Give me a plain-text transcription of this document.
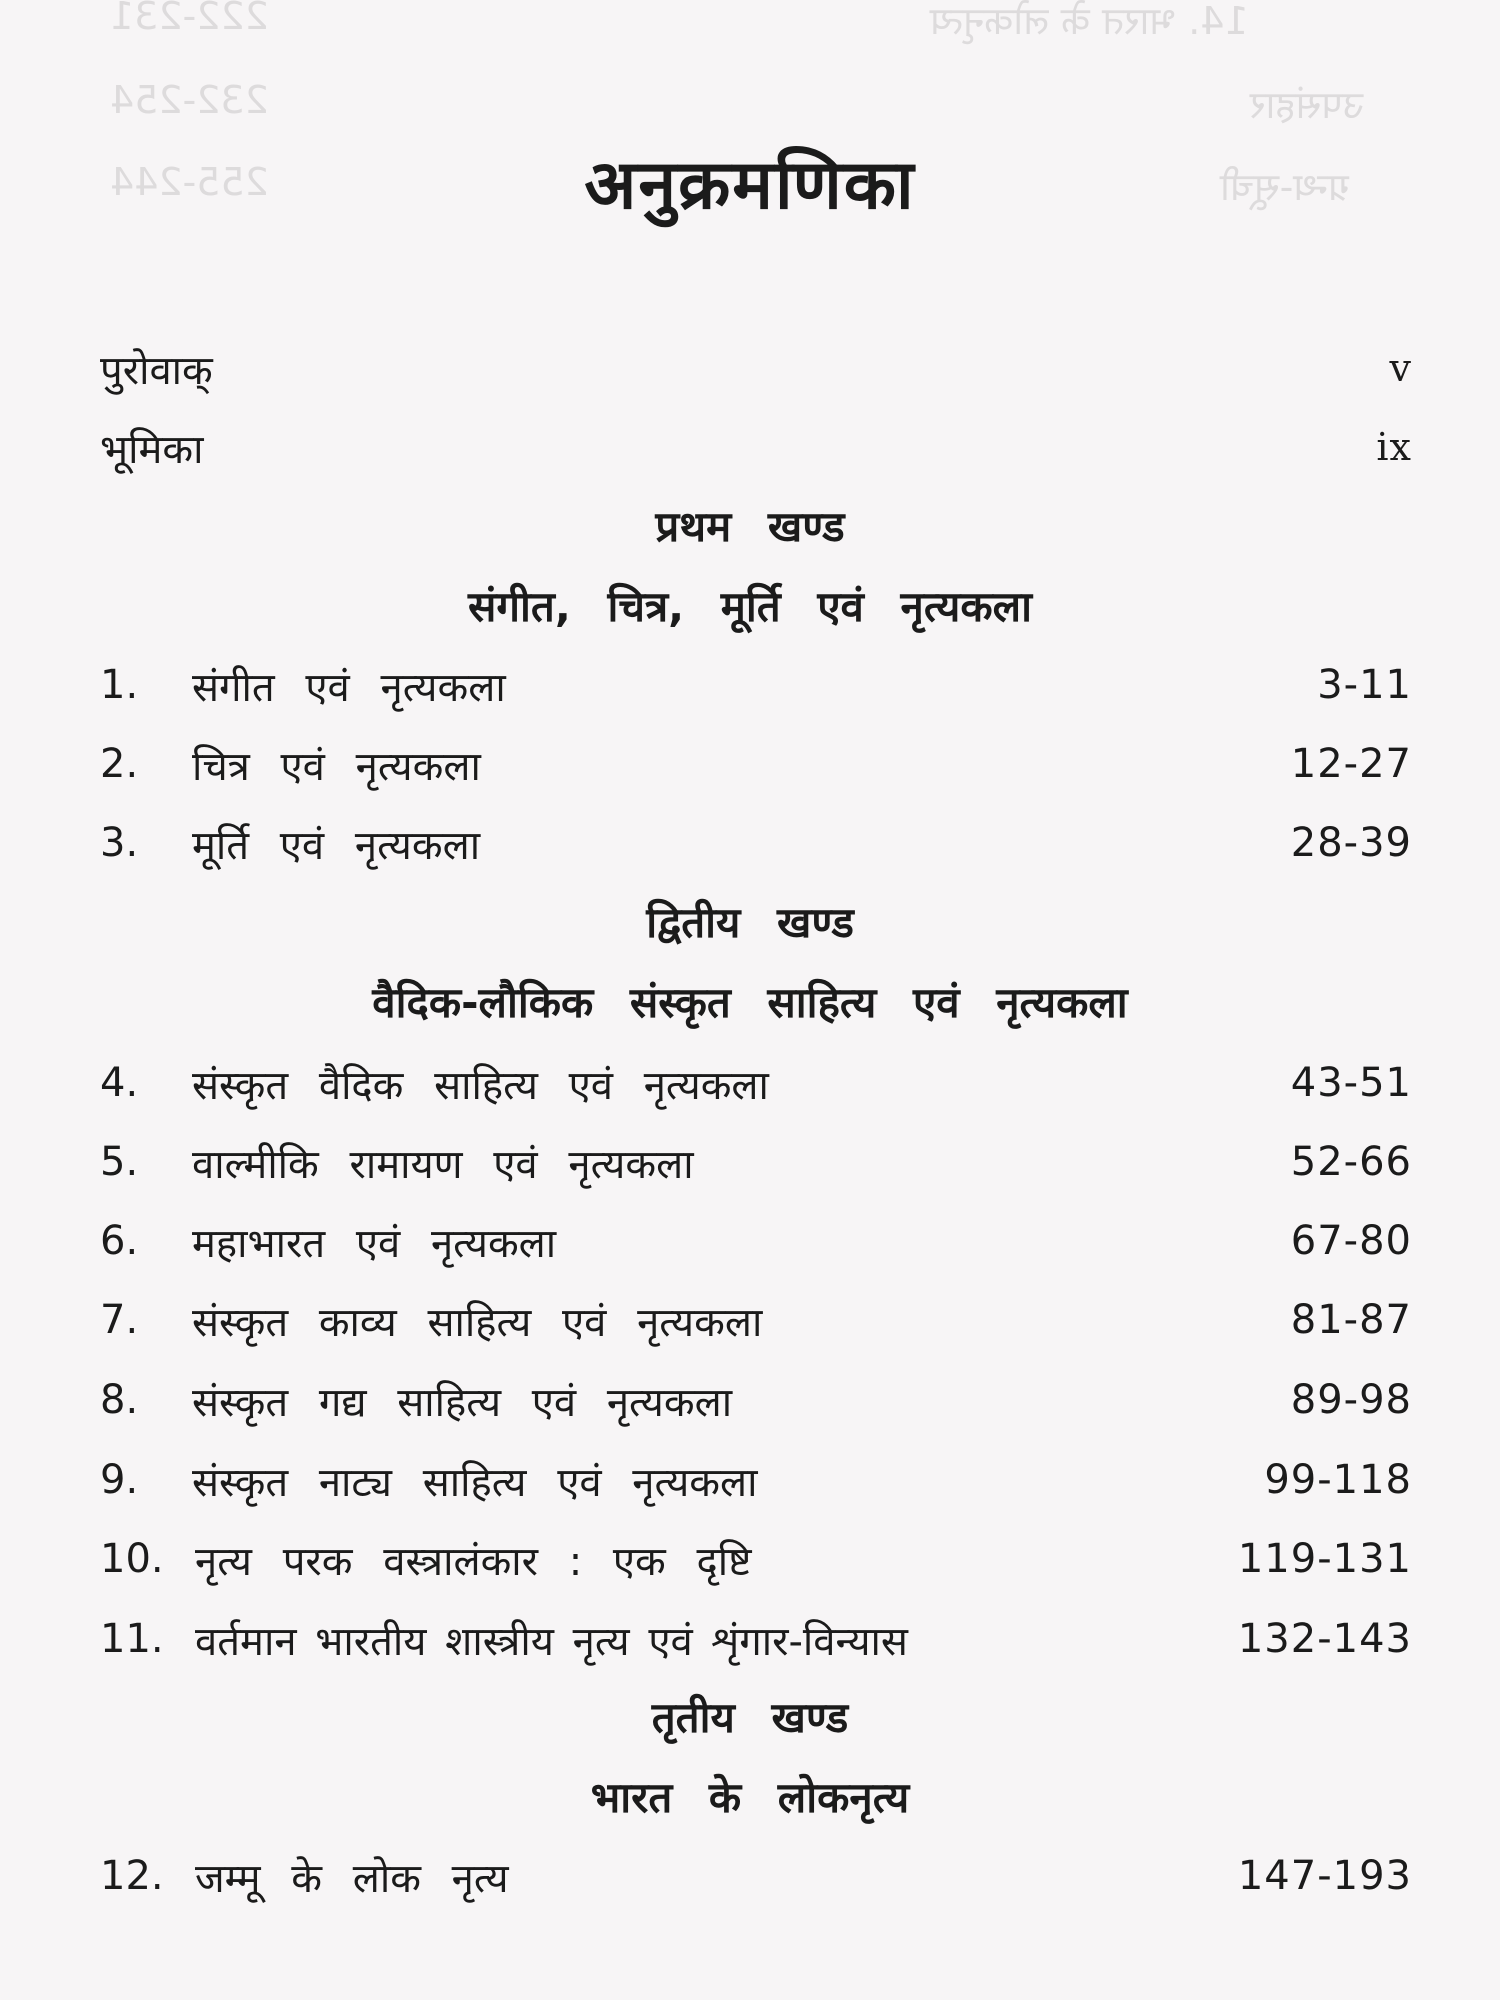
222-231	14. भारत के लोकनृत्य
232-254	उपसंहार
255-244	ग्रन्थ-सूची
अनुक्रमणिका
पुरोवाक्	v
भूमिका	ix
प्रथम खण्ड
संगीत, चित्र, मूर्ति एवं नृत्यकला
1.	संगीत एवं नृत्यकला	3-11
2.	चित्र एवं नृत्यकला	12-27
3.	मूर्ति एवं नृत्यकला	28-39
द्वितीय खण्ड
वैदिक-लौकिक संस्कृत साहित्य एवं नृत्यकला
4.	संस्कृत वैदिक साहित्य एवं नृत्यकला	43-51
5.	वाल्मीकि रामायण एवं नृत्यकला	52-66
6.	महाभारत एवं नृत्यकला	67-80
7.	संस्कृत काव्य साहित्य एवं नृत्यकला	81-87
8.	संस्कृत गद्य साहित्य एवं नृत्यकला	89-98
9.	संस्कृत नाट्य साहित्य एवं नृत्यकला	99-118
10. नृत्य परक वस्त्रालंकार : एक दृष्टि	119-131
11. वर्तमान भारतीय शास्त्रीय नृत्य एवं शृंगार-विन्यास	132-143
तृतीय खण्ड
भारत के लोकनृत्य
12. जम्मू के लोक नृत्य	147-193
